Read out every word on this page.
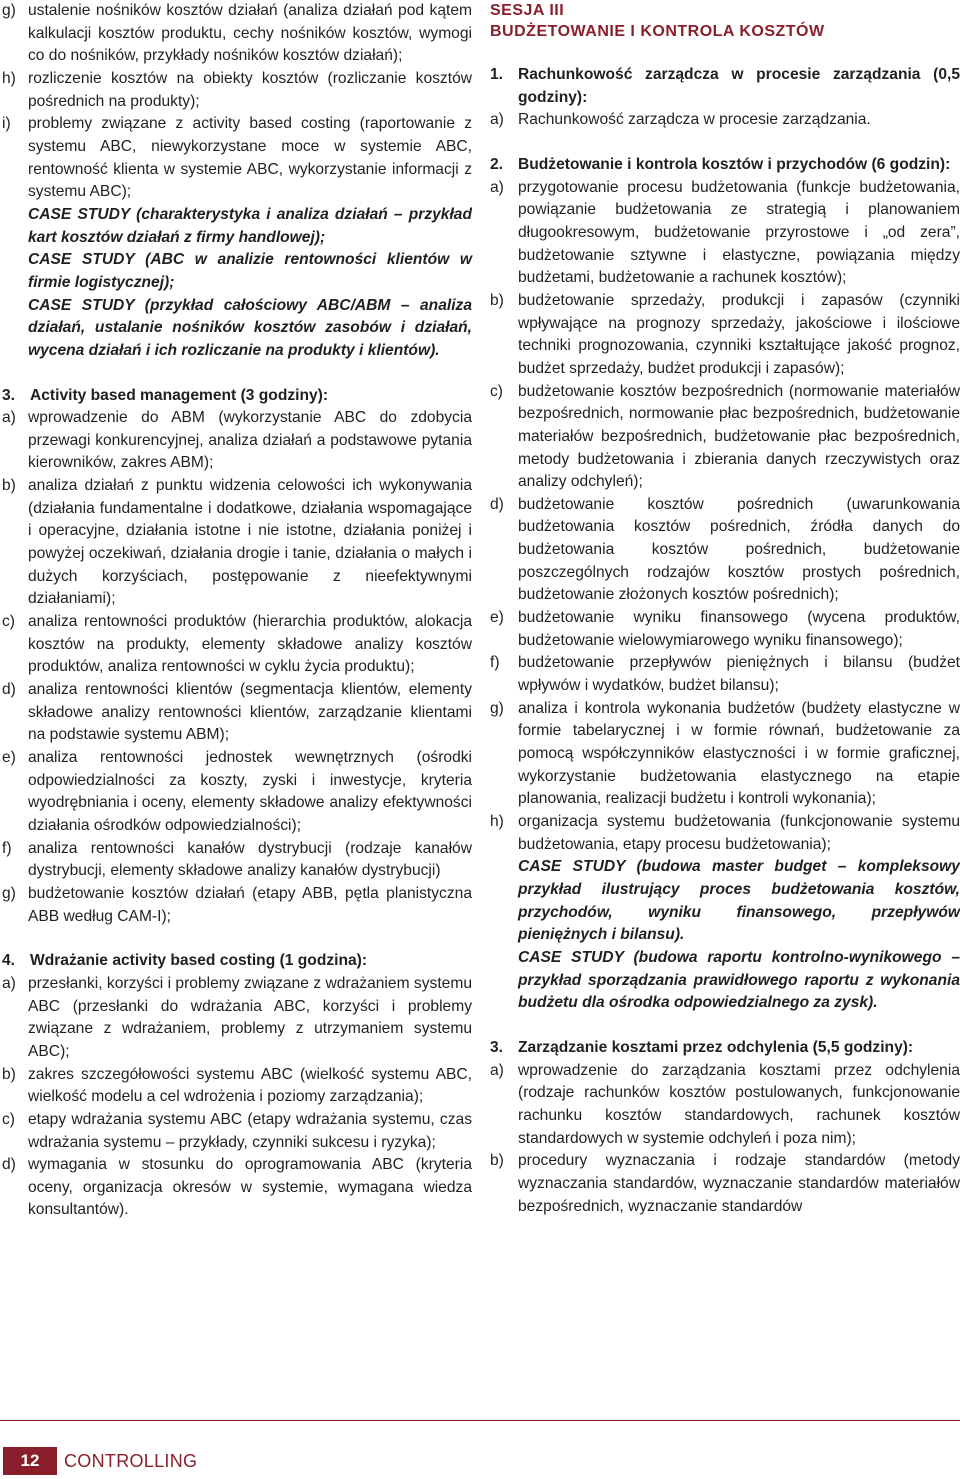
g) ustalenie nośników kosztów działań (analiza działań pod kątem kalkulacji kosztów produktu, cechy nośników kosztów, wymogi co do nośników, przykłady nośników kosztów działań);
h) rozliczenie kosztów na obiekty kosztów (rozliczanie kosztów pośrednich na produkty);
i)	problemy związane z activity based costing (raportowanie z systemu ABC, niewykorzystane moce w systemie ABC, rentowność klienta w systemie ABC, wykorzystanie informacji z systemu ABC);
CASE STUDY (charakterystyka i analiza działań – przykład kart kosztów działań z firmy handlowej);
CASE STUDY (ABC w analizie rentowności klientów w firmie logistycznej);
CASE STUDY (przykład całościowy ABC/ABM – analiza działań, ustalanie nośników kosztów zasobów i działań, wycena działań i ich rozliczanie na produkty i klientów).
3. Activity based management (3 godziny):
a) wprowadzenie do ABM (wykorzystanie ABC do zdobycia przewagi konkurencyjnej, analiza działań a podstawowe pytania kierowników, zakres ABM);
b) analiza działań z punktu widzenia celowości ich wykonywania (działania fundamentalne i dodatkowe, działania wspomagające i operacyjne, działania istotne i nie istotne, działania poniżej i powyżej oczekiwań, działania drogie i tanie, działania o małych i dużych korzyściach, postępowanie z nieefektywnymi działaniami);
c) analiza rentowności produktów (hierarchia produktów, alokacja kosztów na produkty, elementy składowe analizy kosztów produktów, analiza rentowności w cyklu życia produktu);
d) analiza rentowności klientów (segmentacja klientów, elementy składowe analizy rentowności klientów, zarządzanie klientami na podstawie systemu ABM);
e) analiza rentowności jednostek wewnętrznych (ośrodki odpowiedzialności za koszty, zyski i inwestycje, kryteria wyodrębniania i oceny, elementy składowe analizy efektywności działania ośrodków odpowiedzialności);
f)	analiza rentowności kanałów dystrybucji (rodzaje kanałów dystrybucji, elementy składowe analizy kanałów dystrybucji)
g) budżetowanie kosztów działań (etapy ABB, pętla planistyczna ABB według CAM-I);
4. Wdrażanie activity based costing (1 godzina):
a) przesłanki, korzyści i problemy związane z wdrażaniem systemu ABC (przesłanki do wdrażania ABC, korzyści i problemy związane z wdrażaniem, problemy z utrzymaniem systemu ABC);
b) zakres szczegółowości systemu ABC (wielkość systemu ABC, wielkość modelu a cel wdrożenia i poziomy zarządzania);
c) etapy wdrażania systemu ABC (etapy wdrażania systemu, czas wdrażania systemu – przykłady, czynniki sukcesu i ryzyka);
d) wymagania w stosunku do oprogramowania ABC (kryteria oceny, organizacja okresów w systemie, wymagana wiedza konsultantów).
SESJA III
BUDŻETOWANIE I KONTROLA KOSZTÓW
1. Rachunkowość zarządcza w procesie zarządzania (0,5 godziny):
a) Rachunkowość zarządcza w procesie zarządzania.
2. Budżetowanie i kontrola kosztów i przychodów (6 godzin):
a) przygotowanie procesu budżetowania (funkcje budżetowania, powiązanie budżetowania ze strategią i planowaniem długookresowym, budżetowanie przyrostowe i „od zera”, budżetowanie sztywne i elastyczne, powiązania między budżetami, budżetowanie a rachunek kosztów);
b) budżetowanie sprzedaży, produkcji i zapasów (czynniki wpływające na prognozy sprzedaży, jakościowe i ilościowe techniki prognozowania, czynniki kształtujące jakość prognoz, budżet sprzedaży, budżet produkcji i zapasów);
c) budżetowanie kosztów bezpośrednich (normowanie materiałów bezpośrednich, normowanie płac bezpośrednich, budżetowanie materiałów bezpośrednich, budżetowanie płac bezpośrednich, metody budżetowania i zbierania danych rzeczywistych oraz analizy odchyleń);
d) budżetowanie kosztów pośrednich (uwarunkowania budżetowania kosztów pośrednich, źródła danych do budżetowania kosztów pośrednich, budżetowanie poszczególnych rodzajów kosztów prostych pośrednich, budżetowanie złożonych kosztów pośrednich);
e) budżetowanie wyniku finansowego (wycena produktów, budżetowanie wielowymiarowego wyniku finansowego);
f)	budżetowanie przepływów pieniężnych i bilansu (budżet wpływów i wydatków, budżet bilansu);
g) analiza i kontrola wykonania budżetów (budżety elastyczne w formie tabelarycznej i w formie równań, budżetowanie za pomocą współczynników elastyczności i w formie graficznej, wykorzystanie budżetowania elastycznego na etapie planowania, realizacji budżetu i kontroli wykonania);
h) organizacja systemu budżetowania (funkcjonowanie systemu budżetowania, etapy procesu budżetowania);
CASE STUDY (budowa master budget – kompleksowy przykład ilustrujący proces budżetowania kosztów, przychodów, wyniku finansowego, przepływów pieniężnych i bilansu).
CASE STUDY (budowa raportu kontrolno-wynikowego – przykład sporządzania prawidłowego raportu z wykonania budżetu dla ośrodka odpowiedzialnego za zysk).
3. Zarządzanie kosztami przez odchylenia (5,5 godziny):
a) wprowadzenie do zarządzania kosztami przez odchylenia (rodzaje rachunków kosztów postulowanych, funkcjonowanie rachunku kosztów standardowych, rachunek kosztów standardowych w systemie odchyleń i poza nim);
b) procedury wyznaczania i rodzaje standardów (metody wyznaczania standardów, wyznaczanie standardów materiałów bezpośrednich, wyznaczanie standardów
12	CONTROLLING
